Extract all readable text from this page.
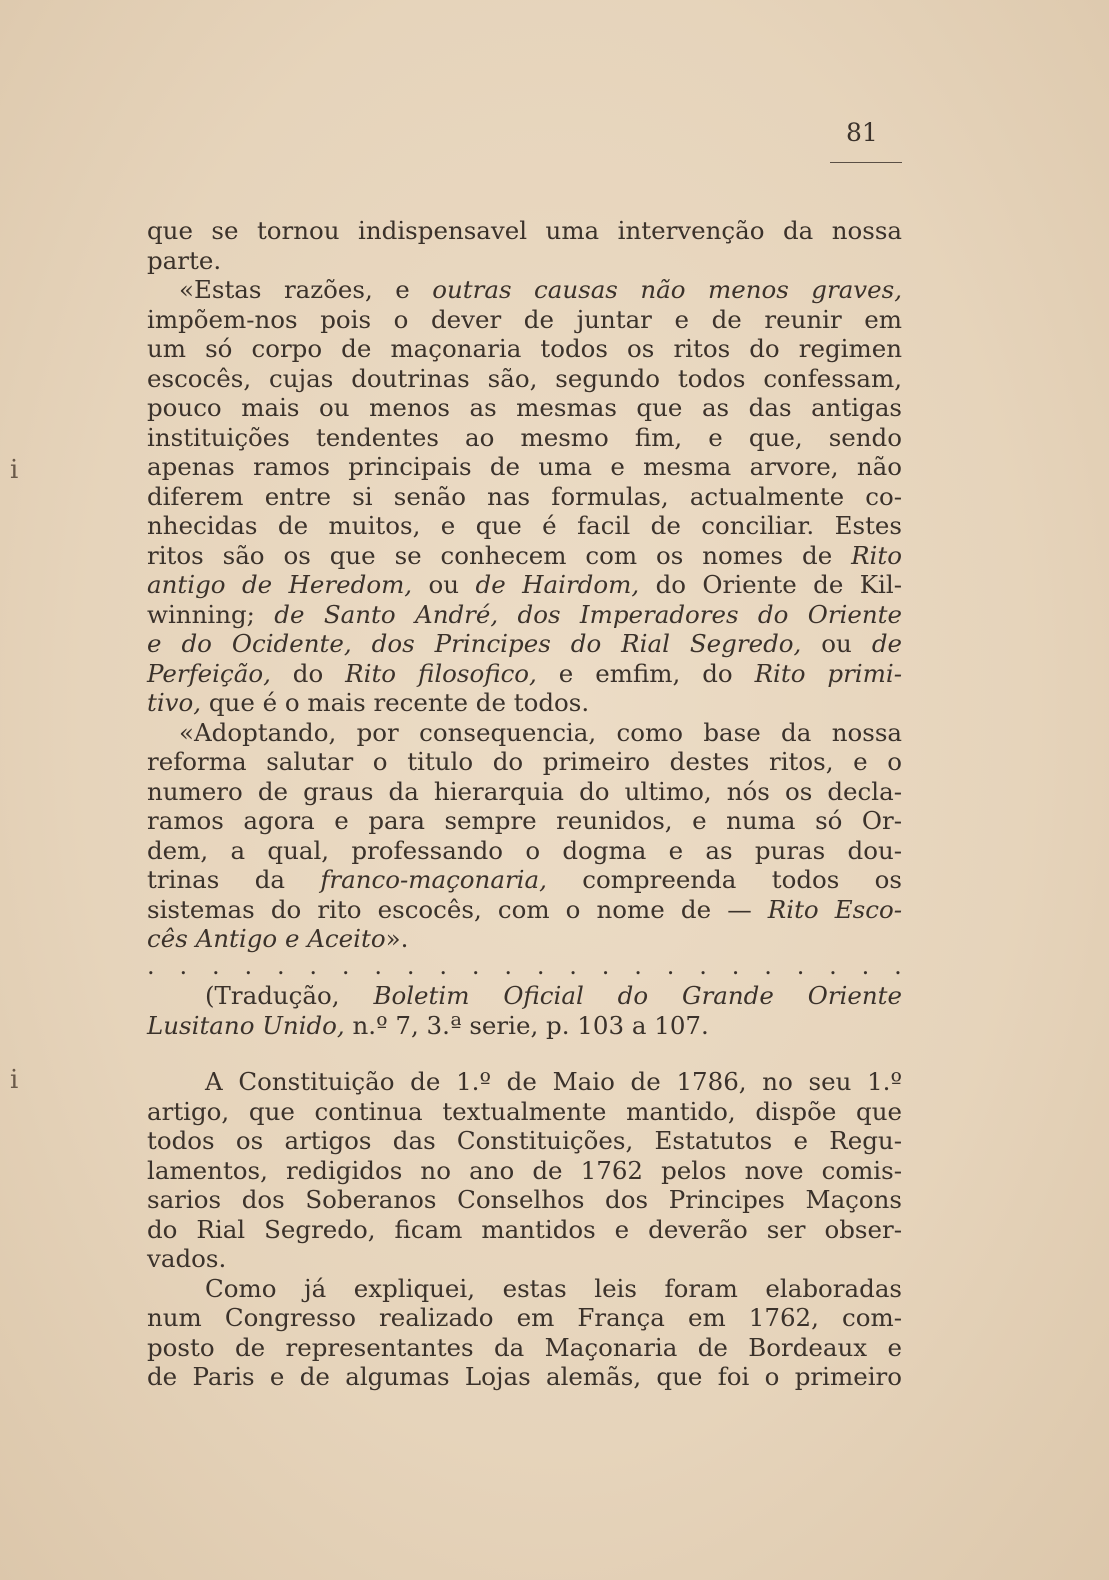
81
que se tornou indispensavel uma intervenção da nossa
parte.
«Estas razões, e outras causas não menos graves,
impõem-nos pois o dever de juntar e de reunir em
um só corpo de maçonaria todos os ritos do regimen
escocês, cujas doutrinas são, segundo todos confessam,
pouco mais ou menos as mesmas que as das antigas
instituições tendentes ao mesmo fim, e que, sendo
apenas ramos principais de uma e mesma arvore, não
diferem entre si senão nas formulas, actualmente co-
nhecidas de muitos, e que é facil de conciliar. Estes
ritos são os que se conhecem com os nomes de Rito
antigo de Heredom, ou de Hairdom, do Oriente de Kil-
winning; de Santo André, dos Imperadores do Oriente
e do Ocidente, dos Principes do Rial Segredo, ou de
Perfeição, do Rito filosofico, e emfim, do Rito primi-
tivo, que é o mais recente de todos.
«Adoptando, por consequencia, como base da nossa
reforma salutar o titulo do primeiro destes ritos, e o
numero de graus da hierarquia do ultimo, nós os decla-
ramos agora e para sempre reunidos, e numa só Or-
dem, a qual, professando o dogma e as puras dou-
trinas da franco-maçonaria, compreenda todos os
sistemas do rito escocês, com o nome de — Rito Esco-
cês Antigo e Aceito».
. . . . . . . . . . . . . . . . . . . . . . . .
(Tradução, Boletim Oficial do Grande Oriente
Lusitano Unido, n.º 7, 3.ª serie, p. 103 a 107.
A Constituição de 1.º de Maio de 1786, no seu 1.º
artigo, que continua textualmente mantido, dispõe que
todos os artigos das Constituições, Estatutos e Regu-
lamentos, redigidos no ano de 1762 pelos nove comis-
sarios dos Soberanos Conselhos dos Principes Maçons
do Rial Segredo, ficam mantidos e deverão ser obser-
vados.
Como já expliquei, estas leis foram elaboradas
num Congresso realizado em França em 1762, com-
posto de representantes da Maçonaria de Bordeaux e
de Paris e de algumas Lojas alemãs, que foi o primeiro
ⅰ
ⅰ
